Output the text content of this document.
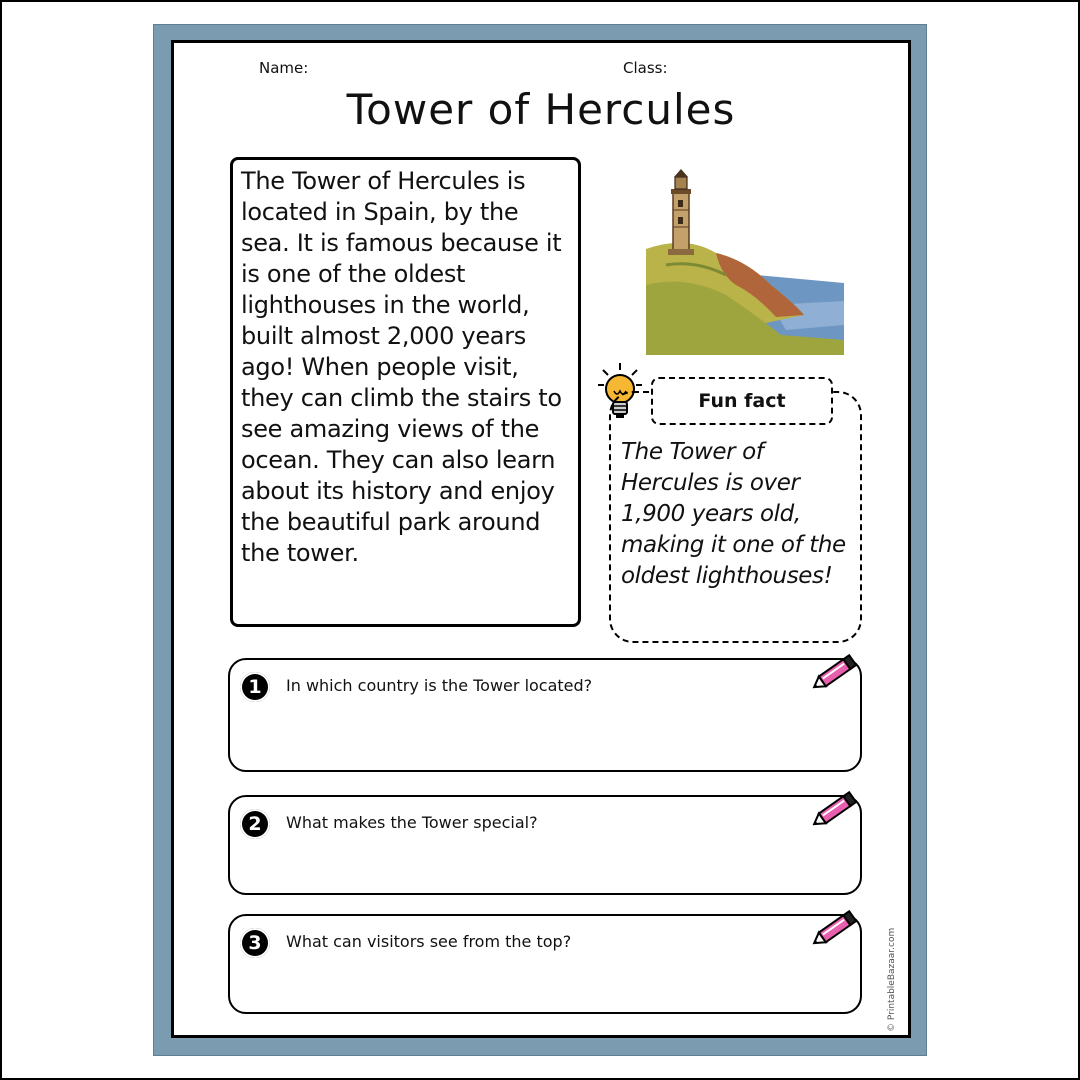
Name:	Class:
Tower of Hercules

The Tower of Hercules is located in Spain, by the sea. It is famous because it is one of the oldest lighthouses in the world, built almost 2,000 years ago! When people visit, they can climb the stairs to see amazing views of the ocean. They can also learn about its history and enjoy the beautiful park around the tower.

The Tower of Hercules is over 1,900 years old, making it one of the oldest lighthouses!

Fun fact
1	In which country is the Tower located?
2	What makes the Tower special?
3	What can visitors see from the top?	© PrintableBazaar.com
